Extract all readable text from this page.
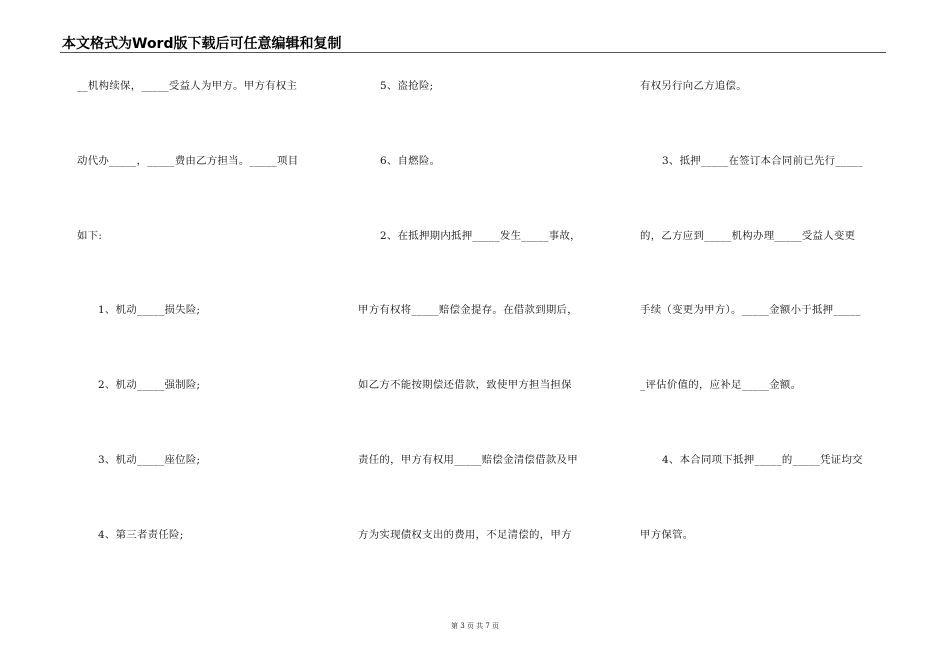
本文格式为Word版下载后可任意编辑和复制
__机构续保，_____受益人为甲方。甲方有权主
动代办_____，_____费由乙方担当。_____项目
如下:
1、机动_____损失险;
2、机动_____强制险;
3、机动_____座位险;
4、第三者责任险;
5、盗抢险;
6、自燃险。
2、在抵押期内抵押_____发生_____事故，
甲方有权将_____赔偿金提存。在借款到期后，
如乙方不能按期偿还借款，致使甲方担当担保
责任的，甲方有权用_____赔偿金清偿借款及甲
方为实现债权支出的费用，不足清偿的，甲方
有权另行向乙方追偿。
3、抵押_____在签订本合同前已先行_____
的，乙方应到_____机构办理_____受益人变更
手续（变更为甲方）。_____金额小于抵押_____
_评估价值的，应补足_____金额。
4、本合同项下抵押_____的_____凭证均交
甲方保管。
第 3 页 共 7 页
